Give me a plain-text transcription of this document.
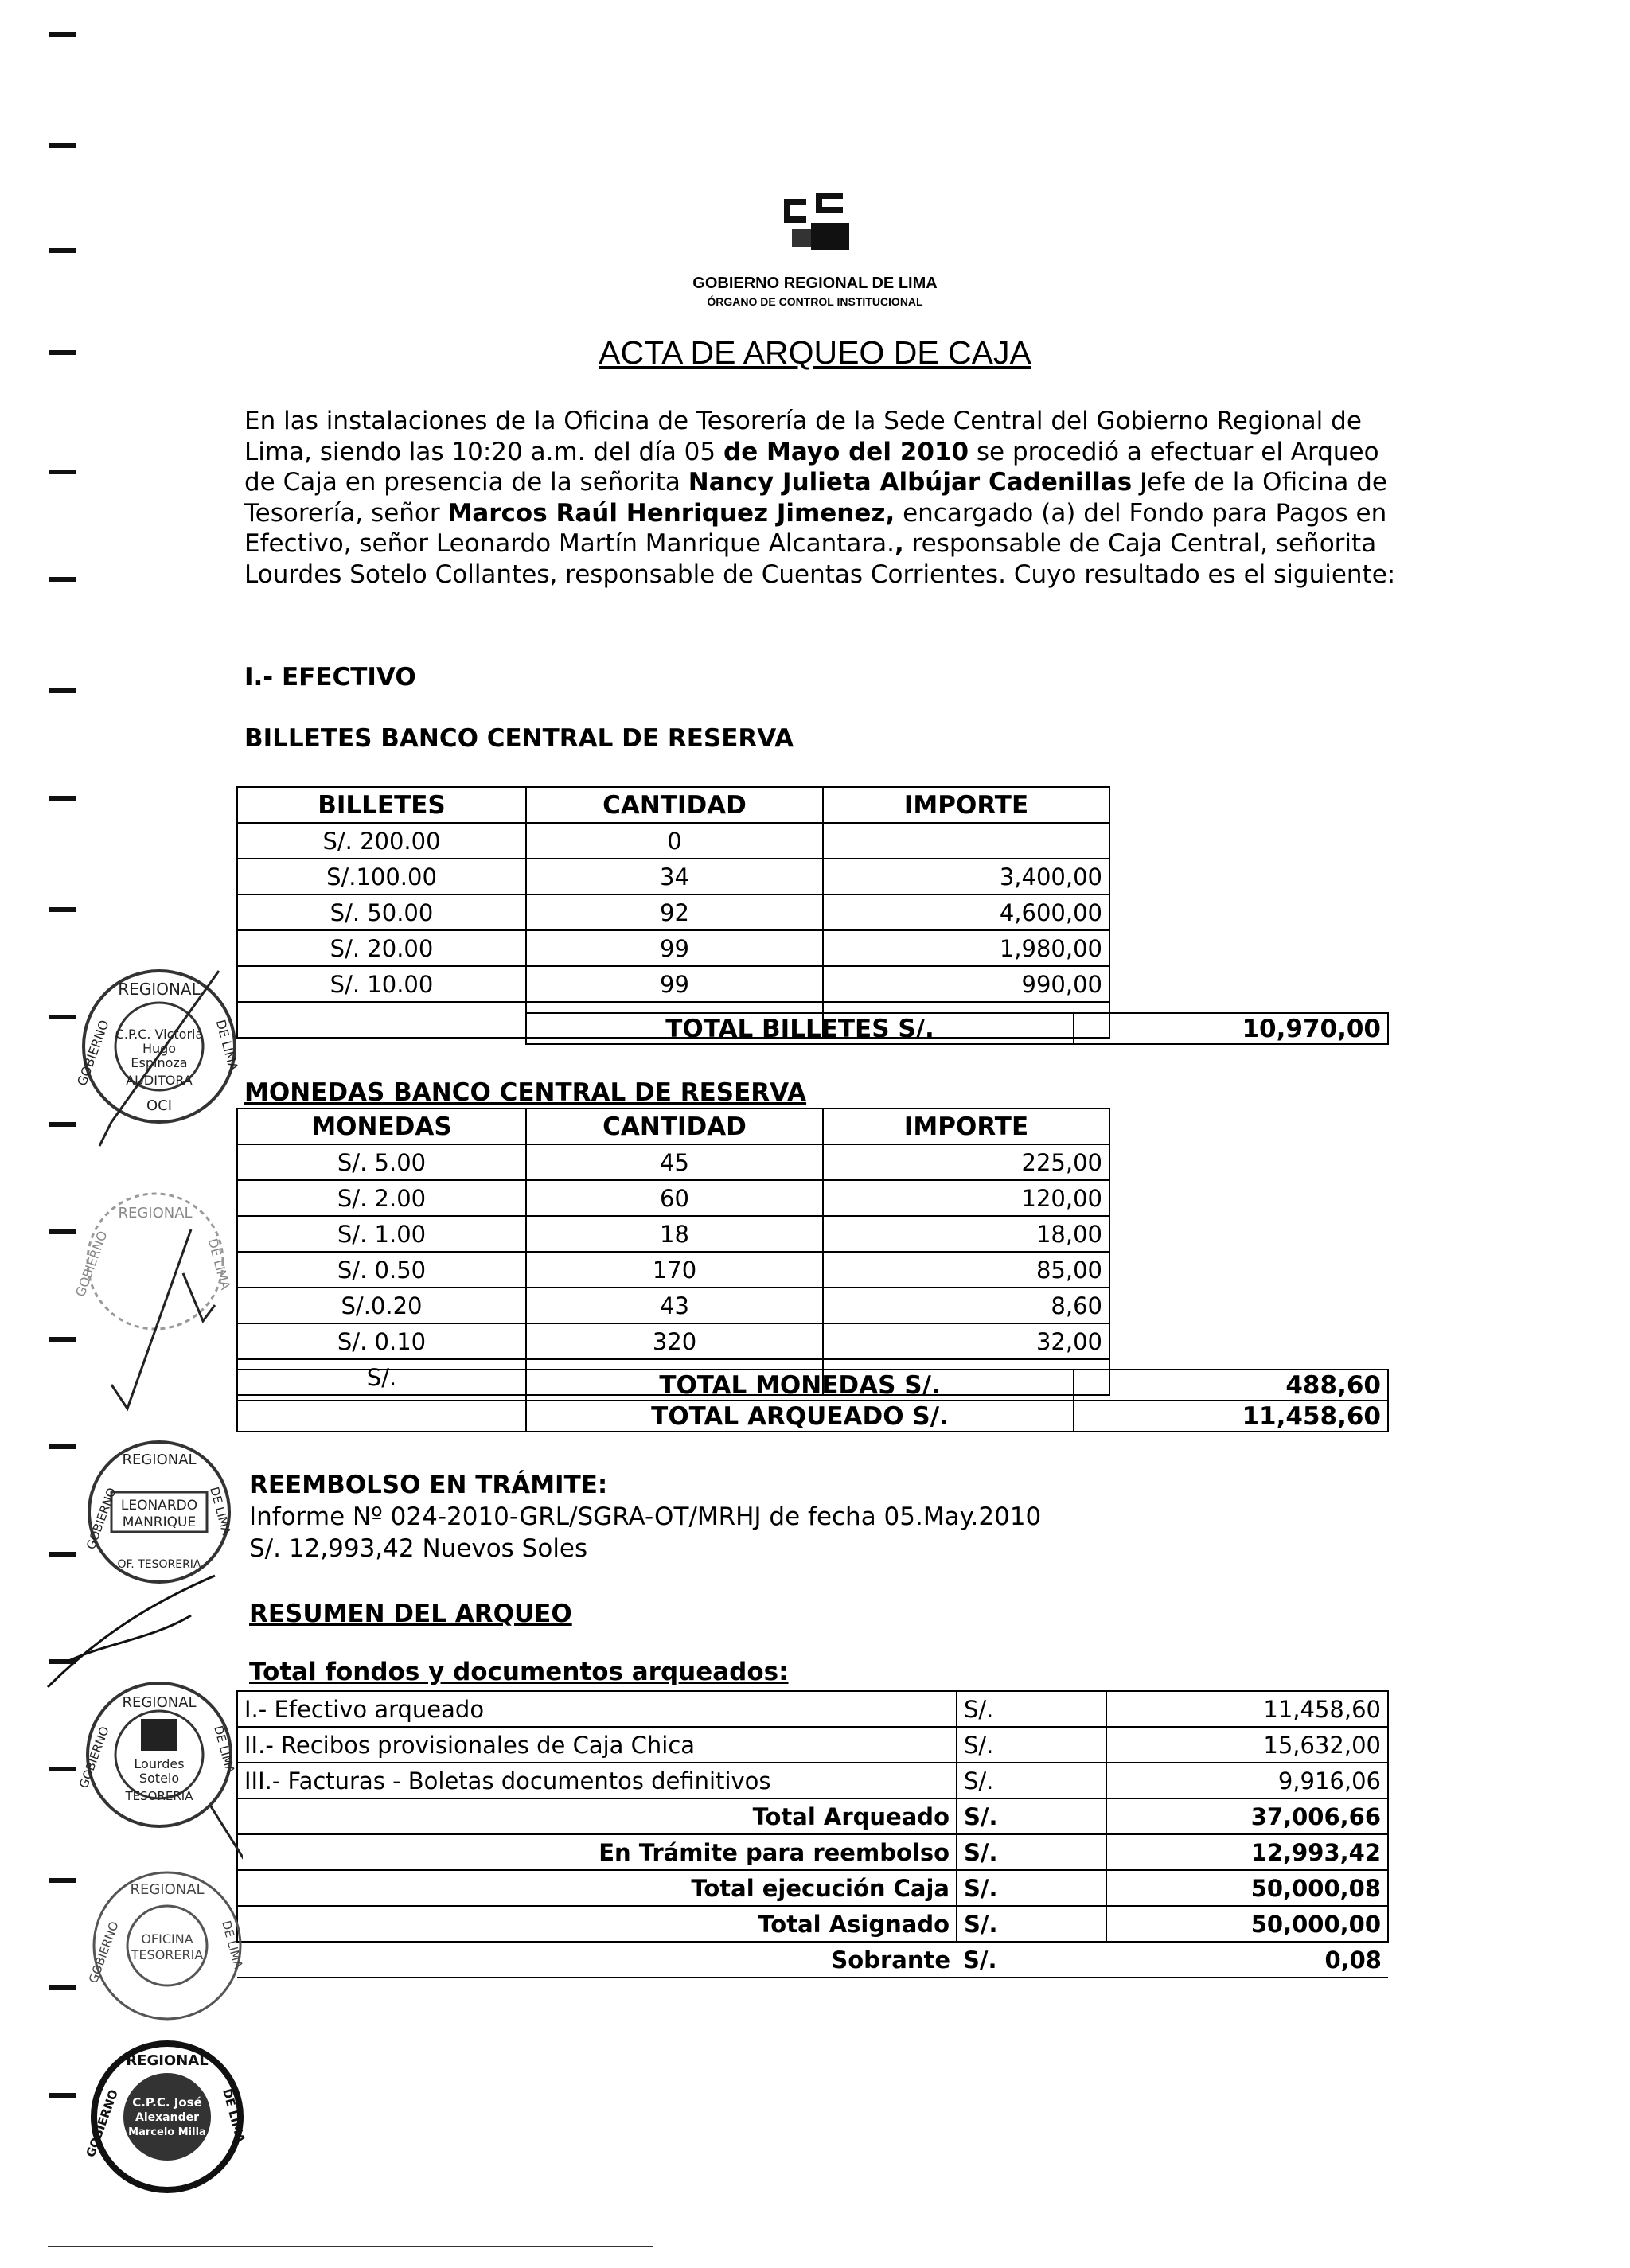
GOBIERNO REGIONAL DE LIMA
ÓRGANO DE CONTROL INSTITUCIONAL
ACTA DE ARQUEO DE CAJA
En las instalaciones de la Oficina de Tesorería de la Sede Central del Gobierno Regional de Lima, siendo las 10:20 a.m. del día 05 de Mayo del 2010 se procedió a efectuar el Arqueo de Caja en presencia de la señorita Nancy Julieta Albújar Cadenillas Jefe de la Oficina de Tesorería, señor Marcos Raúl Henriquez Jimenez, encargado (a) del Fondo para Pagos en Efectivo, señor Leonardo Martín Manrique Alcantara., responsable de Caja Central, señorita Lourdes Sotelo Collantes, responsable de Cuentas Corrientes. Cuyo resultado es el siguiente:
I.- EFECTIVO
BILLETES BANCO CENTRAL DE RESERVA
BILLETES	CANTIDAD	IMPORTE
S/. 200.00	0	
S/.100.00	34	3,400,00
S/. 50.00	92	4,600,00
S/. 20.00	99	1,980,00
S/. 10.00	99	990,00

TOTAL BILLETES S/.	10,970,00
MONEDAS BANCO CENTRAL DE RESERVA
MONEDAS	CANTIDAD	IMPORTE
S/. 5.00	45	225,00
S/. 2.00	60	120,00
S/. 1.00	18	18,00
S/. 0.50	170	85,00
S/.0.20	43	8,60
S/. 0.10	320	32,00
S/.		
		TOTAL MONEDAS S/.	488,60
	TOTAL ARQUEADO S/.	11,458,60
REEMBOLSO EN TRÁMITE:
Informe Nº 024-2010-GRL/SGRA-OT/MRHJ de fecha 05.May.2010
S/. 12,993,42 Nuevos Soles
RESUMEN DEL ARQUEO
Total fondos y documentos arqueados:
I.- Efectivo arqueado	S/.	11,458,60
II.- Recibos provisionales de Caja Chica	S/.	15,632,00
III.- Facturas - Boletas documentos definitivos	S/.	9,916,06
Total Arqueado	S/.	37,006,66
En Trámite para reembolso	S/.	12,993,42
Total ejecución Caja	S/.	50,000,08
Total Asignado	S/.	50,000,00
Sobrante	S/.	0,08
REGIONAL
C.P.C. Victoria
Hugo
Espinoza
AUDITORA
OCI
GOBIERNO	DE LIMA
REGIONAL
GOBIERNO	DE LIMA
REGIONAL
LEONARDO
MANRIQUE
GOBIERNO	DE LIMA
OF. TESORERIA
REGIONAL
Lourdes
Sotelo
TESORERIA
GOBIERNO	DE LIMA
REGIONAL
OFICINA
TESORERIA
GOBIERNO	DE LIMA
REGIONAL
C.P.C. José
Alexander
Marcelo Milla
GOBIERNO	DE LIMA
